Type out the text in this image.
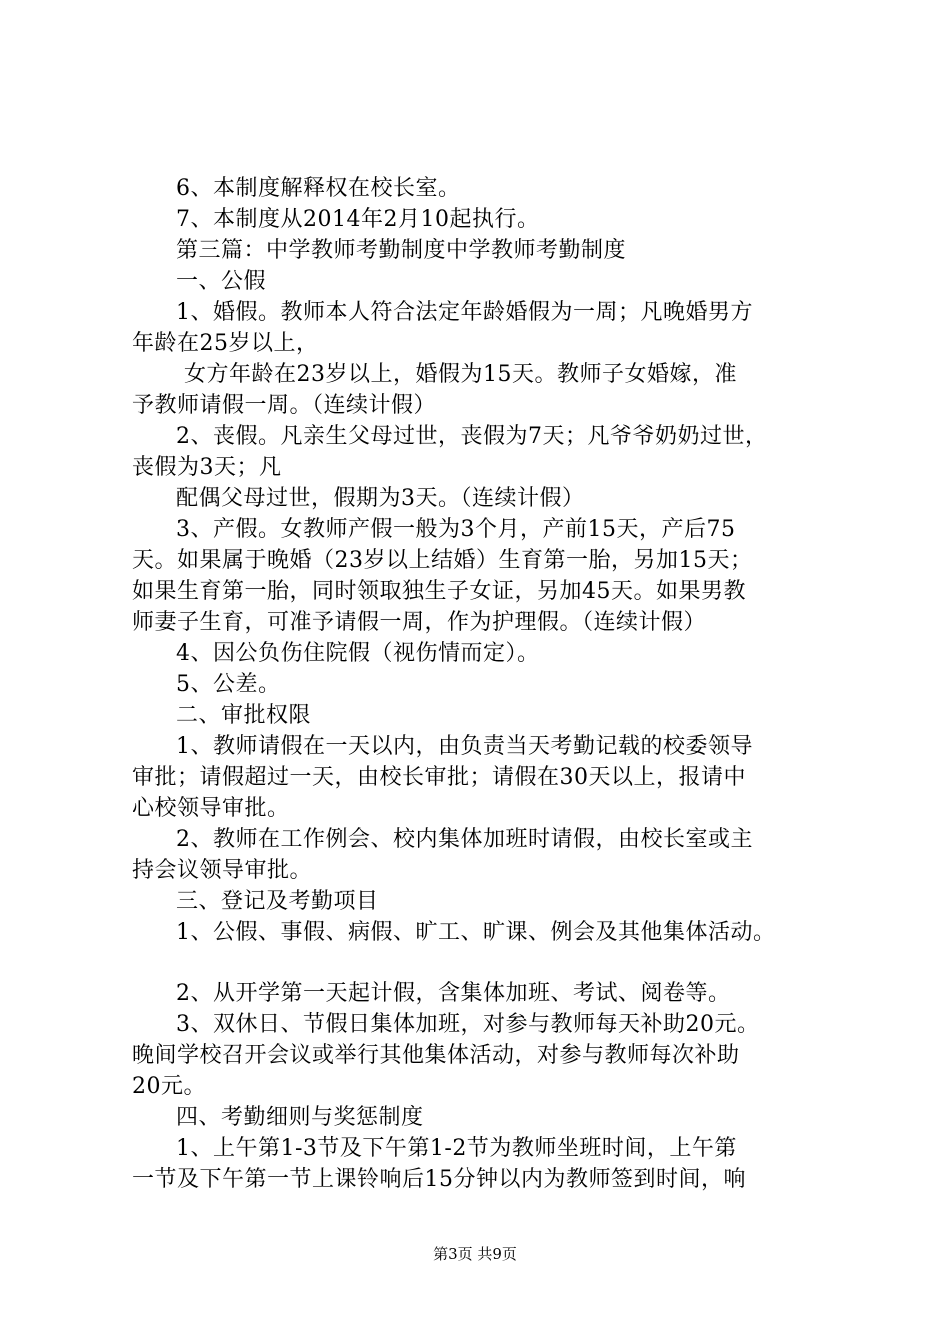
6、本制度解释权在校长室。
7、本制度从2014年2月10起执行。
第三篇：中学教师考勤制度中学教师考勤制度
一、公假
1、婚假。教师本人符合法定年龄婚假为一周；凡晚婚男方
年龄在25岁以上，
女方年龄在23岁以上，婚假为15天。教师子女婚嫁，准
予教师请假一周。（连续计假）
2、丧假。凡亲生父母过世，丧假为7天；凡爷爷奶奶过世，
丧假为3天；凡
配偶父母过世，假期为3天。（连续计假）
3、产假。女教师产假一般为3个月，产前15天，产后75
天。如果属于晚婚（23岁以上结婚）生育第一胎，另加15天；
如果生育第一胎，同时领取独生子女证，另加45天。如果男教
师妻子生育，可准予请假一周，作为护理假。（连续计假）
4、因公负伤住院假（视伤情而定）。
5、公差。
二、审批权限
1、教师请假在一天以内，由负责当天考勤记载的校委领导
审批；请假超过一天，由校长审批；请假在30天以上，报请中
心校领导审批。
2、教师在工作例会、校内集体加班时请假，由校长室或主
持会议领导审批。
三、登记及考勤项目
1、公假、事假、病假、旷工、旷课、例会及其他集体活动。
2、从开学第一天起计假，含集体加班、考试、阅卷等。
3、双休日、节假日集体加班，对参与教师每天补助20元。
晚间学校召开会议或举行其他集体活动，对参与教师每次补助
20元。
四、考勤细则与奖惩制度
1、上午第1-3节及下午第1-2节为教师坐班时间，上午第
一节及下午第一节上课铃响后15分钟以内为教师签到时间，响
第3页 共9页
